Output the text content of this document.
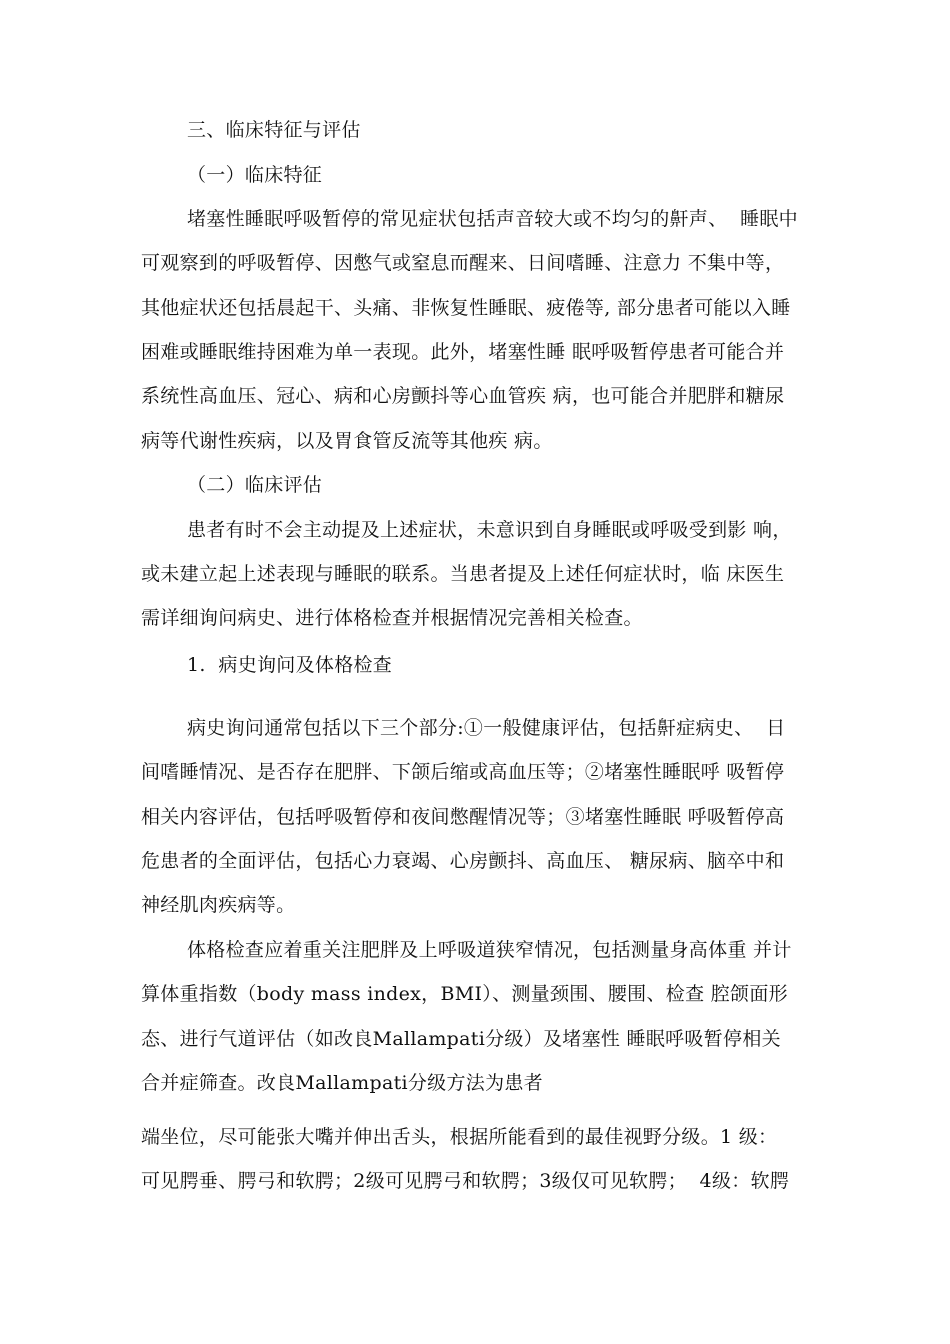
三、临床特征与评估
（一）临床特征
堵塞性睡眠呼吸暂停的常见症状包括声音较大或不均匀的鼾声、  睡眠中
可观察到的呼吸暂停、因憋气或窒息而醒来、日间嗜睡、注意力 不集中等，
其他症状还包括晨起干、头痛、非恢复性睡眠、疲倦等, 部分患者可能以入睡
困难或睡眠维持困难为单一表现。此外，堵塞性睡 眠呼吸暂停患者可能合并
系统性高血压、冠心、病和心房颤抖等心血管疾 病，也可能合并肥胖和糖尿
病等代谢性疾病，以及胃食管反流等其他疾 病。
（二）临床评估
患者有时不会主动提及上述症状，未意识到自身睡眠或呼吸受到影 响，
或未建立起上述表现与睡眠的联系。当患者提及上述任何症状时，临 床医生
需详细询问病史、进行体格检查并根据情况完善相关检查。
1.  病史询问及体格检查
病史询问通常包括以下三个部分:①一般健康评估，包括鼾症病史、  日
间嗜睡情况、是否存在肥胖、下颌后缩或高血压等；②堵塞性睡眠呼 吸暂停
相关内容评估，包括呼吸暂停和夜间憋醒情况等；③堵塞性睡眠 呼吸暂停高
危患者的全面评估，包括心力衰竭、心房颤抖、高血压、 糖尿病、脑卒中和
神经肌肉疾病等。
体格检查应着重关注肥胖及上呼吸道狭窄情况，包括测量身高体重 并计
算体重指数（body mass index，BMI）、测量颈围、腰围、检查 腔颌面形
态、进行气道评估（如改良Mallampati分级）及堵塞性 睡眠呼吸暂停相关
合并症筛查。改良Mallampati分级方法为患者
端坐位，尽可能张大嘴并伸出舌头，根据所能看到的最佳视野分级。1 级：
可见腭垂、腭弓和软腭；2级可见腭弓和软腭；3级仅可见软腭；  4级：软腭
